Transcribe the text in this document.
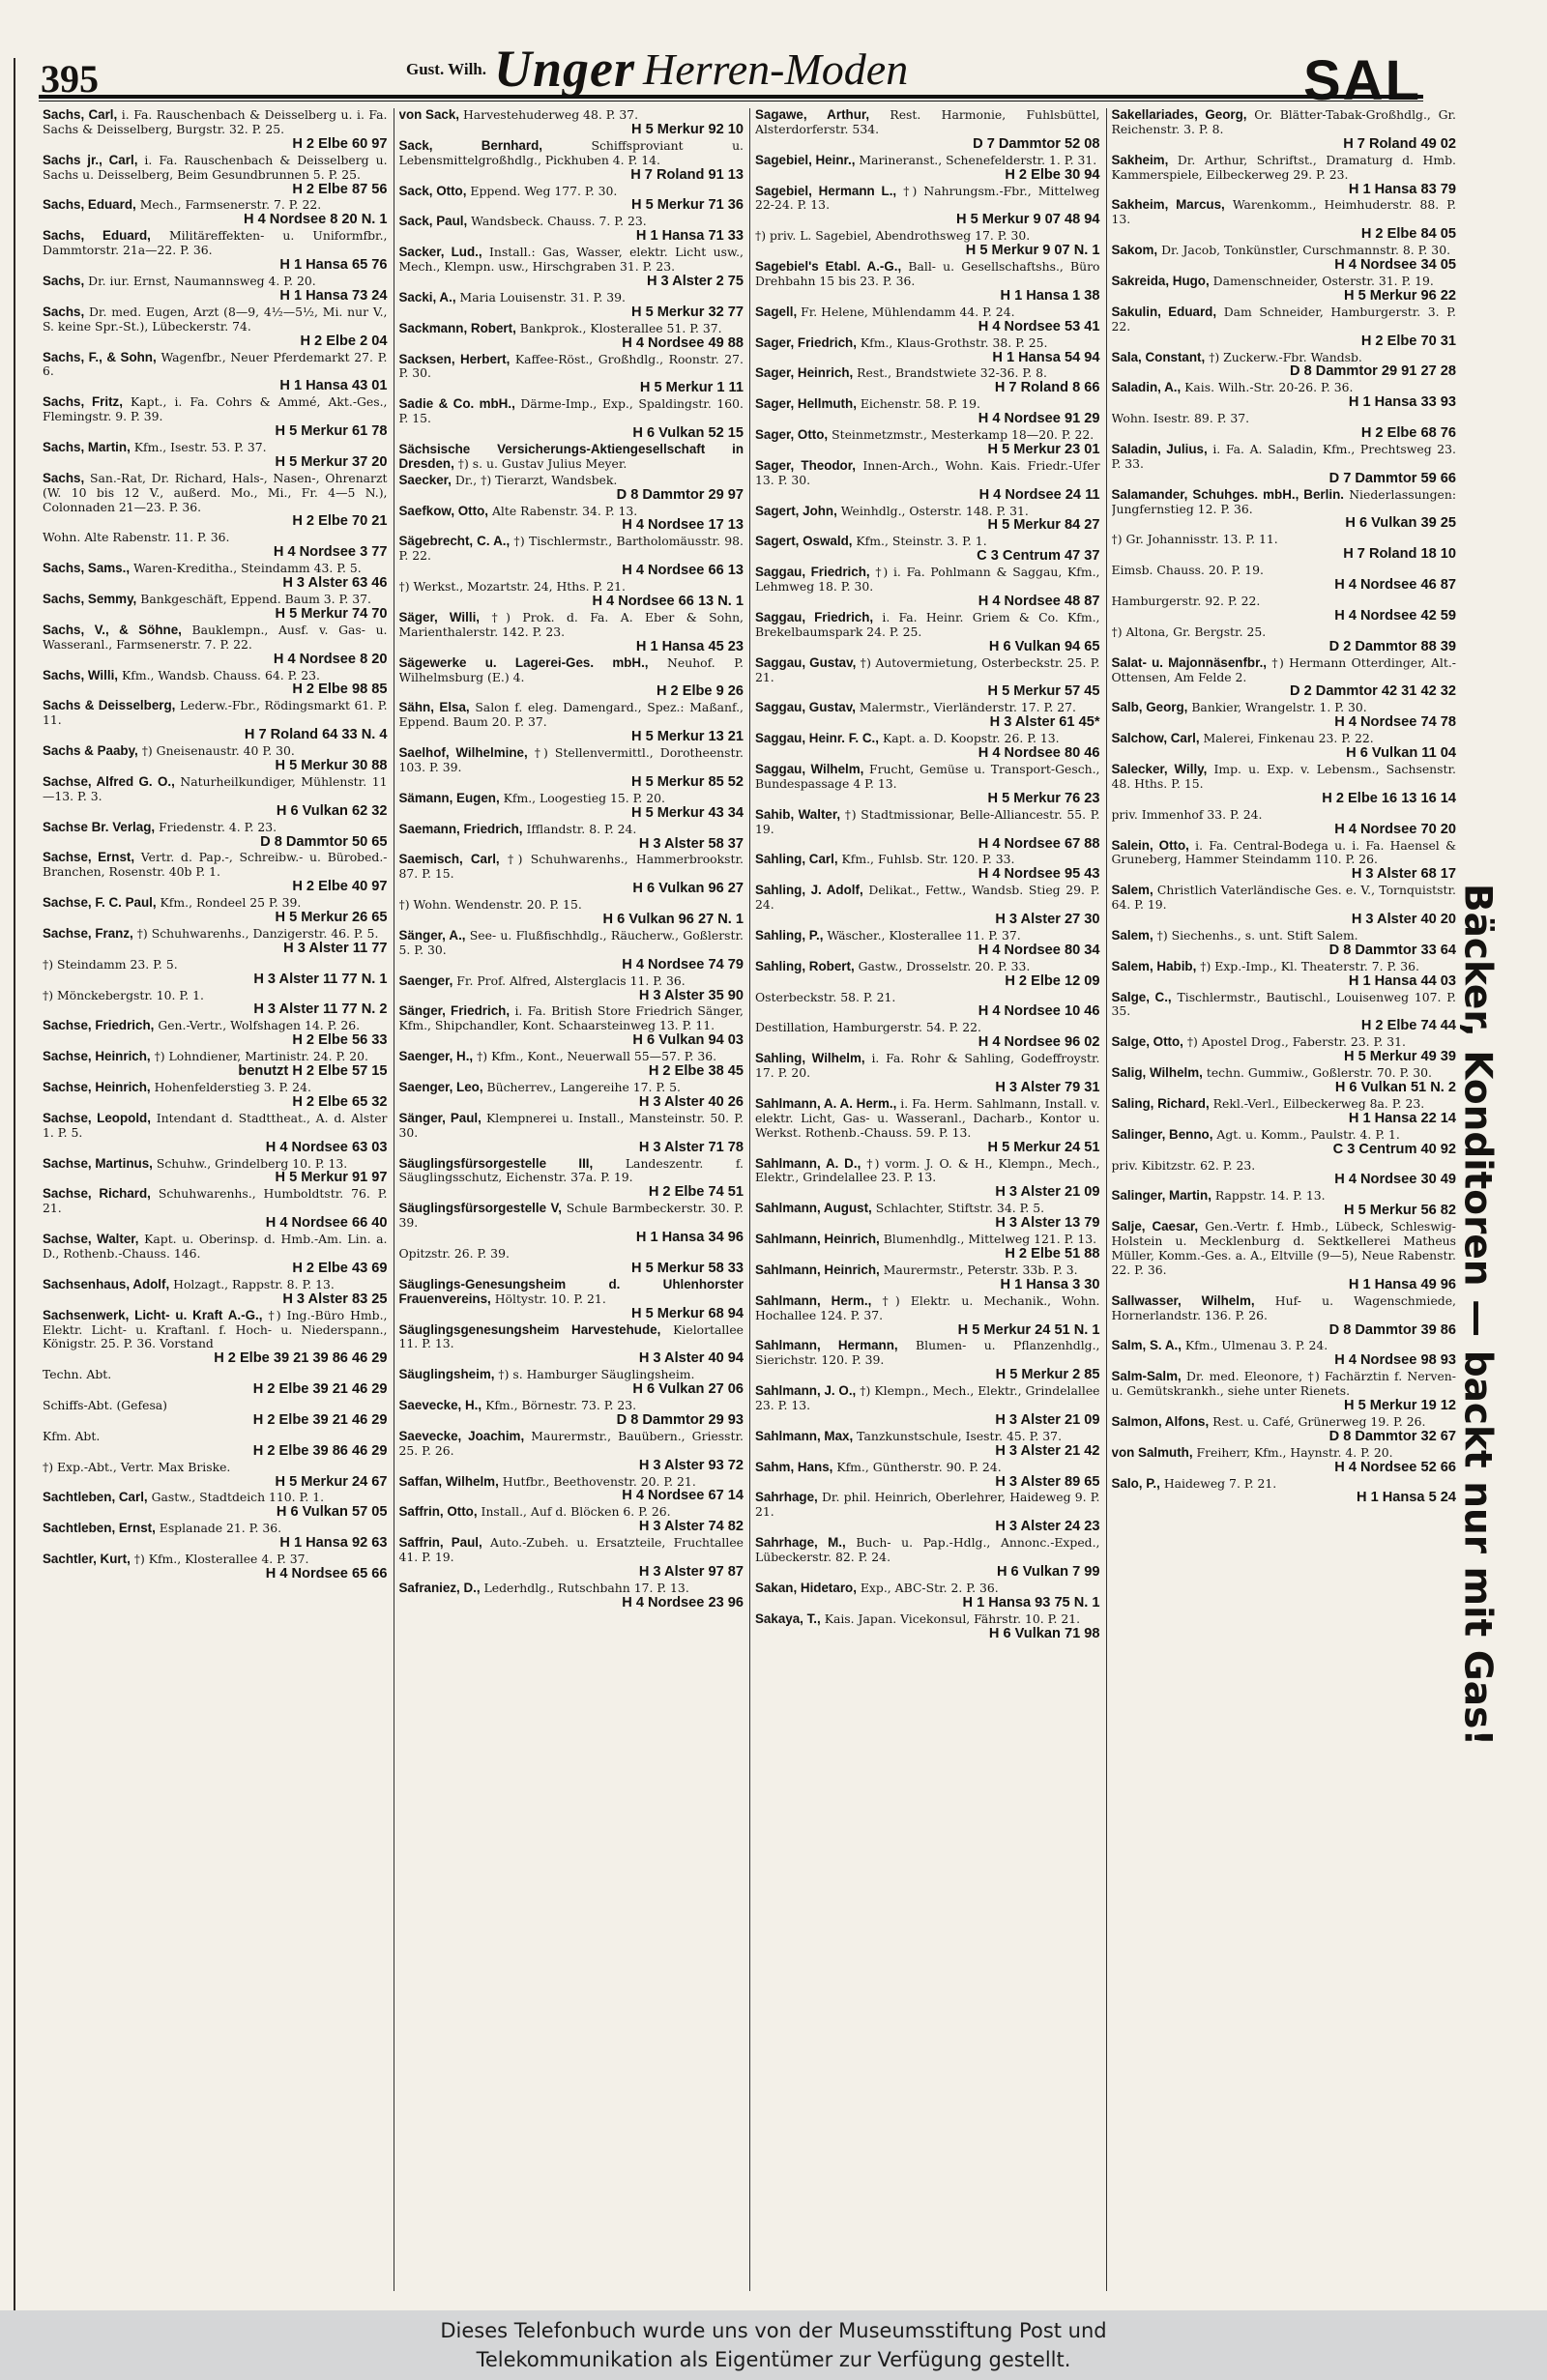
395	Gust. Wilh. Unger Herren-Moden	SAL
Sachs, Carl, i. Fa. Rauschenbach & Deisselberg u. i. Fa. Sachs & Deisselberg, Burgstr. 32. P. 25.
H 2 Elbe 60 97
Sachs jr., Carl, i. Fa. Rauschenbach & Deisselberg u. Sachs u. Deisselberg, Beim Gesundbrunnen 5. P. 25.
H 2 Elbe 87 56
Sachs, Eduard, Mech., Farmsenerstr. 7. P. 22.
H 4 Nordsee 8 20 N. 1
Sachs, Eduard, Militäreffekten- u. Uniformfbr., Dammtorstr. 21a—22. P. 36.
H 1 Hansa 65 76
Sachs, Dr. iur. Ernst, Naumannsweg 4. P. 20.
H 1 Hansa 73 24
Sachs, Dr. med. Eugen, Arzt (8—9, 4½—5½, Mi. nur V., S. keine Spr.-St.), Lübeckerstr. 74.
H 2 Elbe 2 04
Sachs, F., & Sohn, Wagenfbr., Neuer Pferdemarkt 27. P. 6.
H 1 Hansa 43 01
Sachs, Fritz, Kapt., i. Fa. Cohrs & Ammé, Akt.-Ges., Flemingstr. 9. P. 39.
H 5 Merkur 61 78
Sachs, Martin, Kfm., Isestr. 53. P. 37.
H 5 Merkur 37 20
Sachs, San.-Rat, Dr. Richard, Hals-, Nasen-, Ohrenarzt (W. 10 bis 12 V., außerd. Mo., Mi., Fr. 4—5 N.), Colonnaden 21—23. P. 36.
H 2 Elbe 70 21
Wohn. Alte Rabenstr. 11. P. 36.
H 4 Nordsee 3 77
Sachs, Sams., Waren-Kreditha., Steindamm 43. P. 5.
H 3 Alster 63 46
Sachs, Semmy, Bankgeschäft, Eppend. Baum 3. P. 37.
H 5 Merkur 74 70
Sachs, V., & Söhne, Bauklempn., Ausf. v. Gas- u. Wasseranl., Farmsenerstr. 7. P. 22.
H 4 Nordsee 8 20
Sachs, Willi, Kfm., Wandsb. Chauss. 64. P. 23.
H 2 Elbe 98 85
Sachs & Deisselberg, Lederw.-Fbr., Rödingsmarkt 61. P. 11.
H 7 Roland 64 33 N. 4
Sachs & Paaby, †) Gneisenaustr. 40 P. 30.
H 5 Merkur 30 88
Sachse, Alfred G. O., Naturheilkundiger, Mühlenstr. 11—13. P. 3.
H 6 Vulkan 62 32
Sachse Br. Verlag, Friedenstr. 4. P. 23.
D 8 Dammtor 50 65
Sachse, Ernst, Vertr. d. Pap.-, Schreibw.- u. Bürobed.-Branchen, Rosenstr. 40b P. 1.
H 2 Elbe 40 97
Sachse, F. C. Paul, Kfm., Rondeel 25 P. 39.
H 5 Merkur 26 65
Sachse, Franz, †) Schuhwarenhs., Danzigerstr. 46. P. 5.
H 3 Alster 11 77
†) Steindamm 23. P. 5.
H 3 Alster 11 77 N. 1
†) Mönckebergstr. 10. P. 1.
H 3 Alster 11 77 N. 2
Sachse, Friedrich, Gen.-Vertr., Wolfshagen 14. P. 26.
H 2 Elbe 56 33
Sachse, Heinrich, †) Lohndiener, Martinistr. 24. P. 20.
benutzt H 2 Elbe 57 15
Sachse, Heinrich, Hohenfelderstieg 3. P. 24.
H 2 Elbe 65 32
Sachse, Leopold, Intendant d. Stadttheat., A. d. Alster 1. P. 5.
H 4 Nordsee 63 03
Sachse, Martinus, Schuhw., Grindelberg 10. P. 13.
H 5 Merkur 91 97
Sachse, Richard, Schuhwarenhs., Humboldtstr. 76. P. 21.
H 4 Nordsee 66 40
Sachse, Walter, Kapt. u. Oberinsp. d. Hmb.-Am. Lin. a. D., Rothenb.-Chauss. 146.
H 2 Elbe 43 69
Sachsenhaus, Adolf, Holzagt., Rappstr. 8. P. 13.
H 3 Alster 83 25
Sachsenwerk, Licht- u. Kraft A.-G., †) Ing.-Büro Hmb., Elektr. Licht- u. Kraftanl. f. Hoch- u. Niederspann., Königstr. 25. P. 36. Vorstand
H 2 Elbe 39 21 39 86 46 29
Techn. Abt.
H 2 Elbe 39 21 46 29
Schiffs-Abt. (Gefesa)
H 2 Elbe 39 21 46 29
Kfm. Abt.
H 2 Elbe 39 86 46 29
†) Exp.-Abt., Vertr. Max Briske.
H 5 Merkur 24 67
Sachtleben, Carl, Gastw., Stadtdeich 110. P. 1.
H 6 Vulkan 57 05
Sachtleben, Ernst, Esplanade 21. P. 36.
H 1 Hansa 92 63
Sachtler, Kurt, †) Kfm., Klosterallee 4. P. 37.
H 4 Nordsee 65 66
von Sack, Harvestehuderweg 48. P. 37.
H 5 Merkur 92 10
Sack, Bernhard,	Schiffsproviant u. Lebensmittelgroßhdlg., Pickhuben 4. P. 14.
H 7 Roland 91 13
Sack, Otto, Eppend. Weg 177. P. 30.
H 5 Merkur 71 36
Sack, Paul, Wandsbeck. Chauss. 7. P. 23.
H 1 Hansa 71 33
Sacker, Lud., Install.: Gas, Wasser, elektr. Licht usw., Mech., Klempn. usw., Hirschgraben 31. P. 23.
H 3 Alster 2 75
Sacki, A., Maria Louisenstr. 31. P. 39.
H 5 Merkur 32 77
Sackmann, Robert, Bankprok., Klosterallee 51. P. 37.
H 4 Nordsee 49 88
Sacksen, Herbert, Kaffee-Röst., Großhdlg., Roonstr. 27. P. 30.
H 5 Merkur 1 11
Sadie & Co. mbH., Därme-Imp., Exp., Spaldingstr. 160. P. 15.
H 6 Vulkan 52 15
Sächsische Versicherungs-Aktiengesellschaft in Dresden, †) s. u. Gustav Julius Meyer.
Saecker, Dr., †) Tierarzt, Wandsbek.
D 8 Dammtor 29 97
Saefkow, Otto, Alte Rabenstr. 34. P. 13.
H 4 Nordsee 17 13
Sägebrecht, C. A., †) Tischlermstr., Bartholomäusstr. 98. P. 22.
H 4 Nordsee 66 13
†) Werkst., Mozartstr. 24, Hths. P. 21.
H 4 Nordsee 66 13 N. 1
Säger, Willi, †) Prok. d. Fa. A. Eber & Sohn, Marienthalerstr. 142. P. 23.
H 1 Hansa 45 23
Sägewerke u. Lagerei-Ges. mbH., Neuhof. P. Wilhelmsburg (E.) 4.
H 2 Elbe 9 26
Sähn, Elsa, Salon f. eleg. Damengard., Spez.: Maßanf., Eppend. Baum 20. P. 37.
H 5 Merkur 13 21
Saelhof, Wilhelmine, †) Stellenvermittl., Dorotheenstr. 103. P. 39.
H 5 Merkur 85 52
Sämann, Eugen, Kfm., Loogestieg 15. P. 20.
H 5 Merkur 43 34
Saemann, Friedrich, Ifflandstr. 8. P. 24.
H 3 Alster 58 37
Saemisch, Carl, †) Schuhwarenhs., Hammerbrookstr. 87. P. 15.
H 6 Vulkan 96 27
†) Wohn. Wendenstr. 20. P. 15.
H 6 Vulkan 96 27 N. 1
Sänger, A., See- u. Flußfischhdlg., Räucherw., Goßlerstr. 5. P. 30.
H 4 Nordsee 74 79
Saenger, Fr. Prof. Alfred, Alsterglacis 11. P. 36.
H 3 Alster 35 90
Sänger, Friedrich, i. Fa. British Store Friedrich Sänger, Kfm., Shipchandler, Kont. Schaarsteinweg 13. P. 11.
H 6 Vulkan 94 03
Saenger, H., †) Kfm., Kont., Neuerwall 55—57. P. 36.
H 2 Elbe 38 45
Saenger, Leo, Bücherrev., Langereihe 17. P. 5.
H 3 Alster 40 26
Sänger, Paul, Klempnerei u. Install., Mansteinstr. 50. P. 30.
H 3 Alster 71 78
Säuglingsfürsorgestelle III,	Landeszentr. f. Säuglingsschutz, Eichenstr. 37a. P. 19.
H 2 Elbe 74 51
Säuglingsfürsorgestelle V, Schule Barmbeckerstr. 30. P. 39.
H 1 Hansa 34 96
Opitzstr. 26. P. 39.
H 5 Merkur 58 33
Säuglings-Genesungsheim d. Uhlenhorster Frauenvereins, Höltystr. 10. P. 21.
H 5 Merkur 68 94
Säuglingsgenesungsheim Harvestehude, Kielortallee 11. P. 13.
H 3 Alster 40 94
Säuglingsheim, †) s. Hamburger Säuglingsheim.
H 6 Vulkan 27 06
Saevecke, H., Kfm., Börnestr. 73. P. 23.
D 8 Dammtor 29 93
Saevecke, Joachim, Maurermstr., Bauübern., Griesstr. 25. P. 26.
H 3 Alster 93 72
Saffan, Wilhelm, Hutfbr., Beethovenstr. 20. P. 21.
H 4 Nordsee 67 14
Saffrin, Otto, Install., Auf d. Blöcken 6. P. 26.
H 3 Alster 74 82
Saffrin, Paul, Auto.-Zubeh. u. Ersatzteile, Fruchtallee 41. P. 19.
H 3 Alster 97 87
Safraniez, D., Lederhdlg., Rutschbahn 17. P. 13.
H 4 Nordsee 23 96
Sagawe, Arthur, Rest. Harmonie, Fuhlsbüttel, Alsterdorferstr. 534.
D 7 Dammtor 52 08
Sagebiel, Heinr., Marineranst., Schenefelderstr. 1. P. 31.
H 2 Elbe 30 94
Sagebiel, Hermann L., †) Nahrungsm.-Fbr., Mittelweg 22-24. P. 13.
H 5 Merkur 9 07 48 94
†) priv. L. Sagebiel, Abendrothsweg 17. P. 30.
H 5 Merkur 9 07 N. 1
Sagebiel's Etabl. A.-G., Ball- u. Gesellschaftshs., Büro Drehbahn 15 bis 23. P. 36.
H 1 Hansa 1 38
Sagell, Fr. Helene, Mühlendamm 44. P. 24.
H 4 Nordsee 53 41
Sager, Friedrich, Kfm., Klaus-Grothstr. 38. P. 25.
H 1 Hansa 54 94
Sager, Heinrich, Rest., Brandstwiete 32-36. P. 8.
H 7 Roland 8 66
Sager, Hellmuth, Eichenstr. 58. P. 19.
H 4 Nordsee 91 29
Sager, Otto, Steinmetzmstr., Mesterkamp 18—20. P. 22.
H 5 Merkur 23 01
Sager, Theodor, Innen-Arch., Wohn. Kais. Friedr.-Ufer 13. P. 30.
H 4 Nordsee 24 11
Sagert, John, Weinhdlg., Osterstr. 148. P. 31.
H 5 Merkur 84 27
Sagert, Oswald, Kfm., Steinstr. 3. P. 1.
C 3 Centrum 47 37
Saggau, Friedrich, †) i. Fa. Pohlmann & Saggau, Kfm., Lehmweg 18. P. 30.
H 4 Nordsee 48 87
Saggau, Friedrich, i. Fa. Heinr. Griem & Co. Kfm., Brekelbaumspark 24. P. 25.
H 6 Vulkan 94 65
Saggau, Gustav, †) Autovermietung, Osterbeckstr. 25. P. 21.
H 5 Merkur 57 45
Saggau, Gustav, Malermstr., Vierländerstr. 17. P. 27.
H 3 Alster 61 45*
Saggau, Heinr. F. C., Kapt. a. D. Koopstr. 26. P. 13.
H 4 Nordsee 80 46
Saggau, Wilhelm, Frucht, Gemüse u. Transport-Gesch., Bundespassage 4 P. 13.
H 5 Merkur 76 23
Sahib, Walter, †) Stadtmissionar, Belle-Alliancestr. 55. P. 19.
H 4 Nordsee 67 88
Sahling, Carl, Kfm., Fuhlsb. Str. 120. P. 33.
H 4 Nordsee 95 43
Sahling, J. Adolf, Delikat., Fettw., Wandsb. Stieg 29. P. 24.
H 3 Alster 27 30
Sahling, P., Wäscher., Klosterallee 11. P. 37.
H 4 Nordsee 80 34
Sahling, Robert, Gastw., Drosselstr. 20. P. 33.
H 2 Elbe 12 09
Osterbeckstr. 58. P. 21.
H 4 Nordsee 10 46
Destillation, Hamburgerstr. 54. P. 22.
H 4 Nordsee 96 02
Sahling, Wilhelm, i. Fa. Rohr & Sahling, Godeffroystr. 17. P. 20.
H 3 Alster 79 31
Sahlmann, A. A. Herm., i. Fa. Herm. Sahlmann, Install. v. elektr. Licht, Gas- u. Wasseranl., Dacharb., Kontor u. Werkst. Rothenb.-Chauss. 59. P. 13.
H 5 Merkur 24 51
Sahlmann, A. D., †) vorm. J. O. & H., Klempn., Mech., Elektr., Grindelallee 23. P. 13.
H 3 Alster 21 09
Sahlmann, August, Schlachter, Stiftstr. 34. P. 5.
H 3 Alster 13 79
Sahlmann, Heinrich, Blumenhdlg., Mittelweg 121. P. 13.
H 2 Elbe 51 88
Sahlmann, Heinrich, Maurermstr., Peterstr. 33b. P. 3.
H 1 Hansa 3 30
Sahlmann, Herm., †) Elektr. u. Mechanik., Wohn. Hochallee 124. P. 37.
H 5 Merkur 24 51 N. 1
Sahlmann, Hermann, Blumen- u. Pflanzenhdlg., Sierichstr. 120. P. 39.
H 5 Merkur 2 85
Sahlmann, J. O., †) Klempn., Mech., Elektr., Grindelallee 23. P. 13.
H 3 Alster 21 09
Sahlmann, Max, Tanzkunstschule, Isestr. 45. P. 37.
H 3 Alster 21 42
Sahm, Hans, Kfm., Güntherstr. 90. P. 24.
H 3 Alster 89 65
Sahrhage, Dr. phil. Heinrich, Oberlehrer, Haideweg 9. P. 21.
H 3 Alster 24 23
Sahrhage, M., Buch- u. Pap.-Hdlg., Annonc.-Exped., Lübeckerstr. 82. P. 24.
H 6 Vulkan 7 99
Sakan, Hidetaro, Exp., ABC-Str. 2. P. 36.
H 1 Hansa 93 75 N. 1
Sakaya, T., Kais. Japan. Vicekonsul, Fährstr. 10. P. 21.
H 6 Vulkan 71 98
Sakellariades, Georg, Or. Blätter-Tabak-Großhdlg., Gr. Reichenstr. 3. P. 8.
H 7 Roland 49 02
Sakheim, Dr. Arthur, Schriftst., Dramaturg d. Hmb. Kammerspiele, Eilbeckerweg 29. P. 23.
H 1 Hansa 83 79
Sakheim, Marcus, Warenkomm., Heimhuderstr. 88. P. 13.
H 2 Elbe 84 05
Sakom, Dr. Jacob, Tonkünstler, Curschmannstr. 8. P. 30.
H 4 Nordsee 34 05
Sakreida, Hugo, Damenschneider, Osterstr. 31. P. 19.
H 5 Merkur 96 22
Sakulin, Eduard, Dam Schneider, Hamburgerstr. 3. P. 22.
H 2 Elbe 70 31
Sala, Constant, †) Zuckerw.-Fbr. Wandsb.
D 8 Dammtor 29 91 27 28
Saladin, A., Kais. Wilh.-Str. 20-26. P. 36.
H 1 Hansa 33 93
Wohn. Isestr. 89. P. 37.
H 2 Elbe 68 76
Saladin, Julius, i. Fa. A. Saladin, Kfm., Prechtsweg 23. P. 33.
D 7 Dammtor 59 66
Salamander, Schuhges. mbH., Berlin. Niederlassungen: Jungfernstieg 12. P. 36.
H 6 Vulkan 39 25
†) Gr. Johannisstr. 13. P. 11.
H 7 Roland 18 10
Eimsb. Chauss. 20. P. 19.
H 4 Nordsee 46 87
Hamburgerstr. 92. P. 22.
H 4 Nordsee 42 59
†) Altona, Gr. Bergstr. 25.
D 2 Dammtor 88 39
Salat- u. Majonnäsenfbr., †) Hermann Otterdinger, Alt.-Ottensen, Am Felde 2.
D 2 Dammtor 42 31 42 32
Salb, Georg, Bankier, Wrangelstr. 1. P. 30.
H 4 Nordsee 74 78
Salchow, Carl, Malerei, Finkenau 23. P. 22.
H 6 Vulkan 11 04
Salecker, Willy, Imp. u. Exp. v. Lebensm., Sachsenstr. 48. Hths. P. 15.
H 2 Elbe 16 13 16 14
priv. Immenhof 33. P. 24.
H 4 Nordsee 70 20
Salein, Otto, i. Fa. Central-Bodega u. i. Fa. Haensel & Gruneberg, Hammer Steindamm 110. P. 26.
H 3 Alster 68 17
Salem, Christlich Vaterländische Ges. e. V., Tornquiststr. 64. P. 19.
H 3 Alster 40 20
Salem, †) Siechenhs., s. unt. Stift Salem.
D 8 Dammtor 33 64
Salem, Habib, †) Exp.-Imp., Kl. Theaterstr. 7. P. 36.
H 1 Hansa 44 03
Salge, C., Tischlermstr., Bautischl., Louisenweg 107. P. 35.
H 2 Elbe 74 44
Salge, Otto, †) Apostel Drog., Faberstr. 23. P. 31.
H 5 Merkur 49 39
Salig, Wilhelm, techn. Gummiw., Goßlerstr. 70. P. 30.
H 6 Vulkan 51 N. 2
Saling, Richard, Rekl.-Verl., Eilbeckerweg 8a. P. 23.
H 1 Hansa 22 14
Salinger, Benno, Agt. u. Komm., Paulstr. 4. P. 1.
C 3 Centrum 40 92
priv. Kibitzstr. 62. P. 23.
H 4 Nordsee 30 49
Salinger, Martin, Rappstr. 14. P. 13.
H 5 Merkur 56 82
Salje, Caesar, Gen.-Vertr. f. Hmb., Lübeck, Schleswig-Holstein u. Mecklenburg d. Sektkellerei Matheus Müller, Komm.-Ges. a. A., Eltville (9—5), Neue Rabenstr. 22. P. 36.
H 1 Hansa 49 96
Sallwasser, Wilhelm, Huf- u. Wagenschmiede, Hornerlandstr. 136. P. 26.
D 8 Dammtor 39 86
Salm, S. A., Kfm., Ulmenau 3. P. 24.
H 4 Nordsee 98 93
Salm-Salm, Dr. med. Eleonore, †) Fachärztin f. Nerven- u. Gemütskrankh., siehe unter Rienets.
H 5 Merkur 19 12
Salmon, Alfons, Rest. u. Café, Grünerweg 19. P. 26.
D 8 Dammtor 32 67
von Salmuth, Freiherr, Kfm., Haynstr. 4. P. 20.
H 4 Nordsee 52 66
Salo, P., Haideweg 7. P. 21.
H 1 Hansa 5 24 Bäcker, Konditoren — backt nur mit Gas!
Dieses Telefonbuch wurde uns von der Museumsstiftung Post und
Telekommunikation als Eigentümer zur Verfügung gestellt.
